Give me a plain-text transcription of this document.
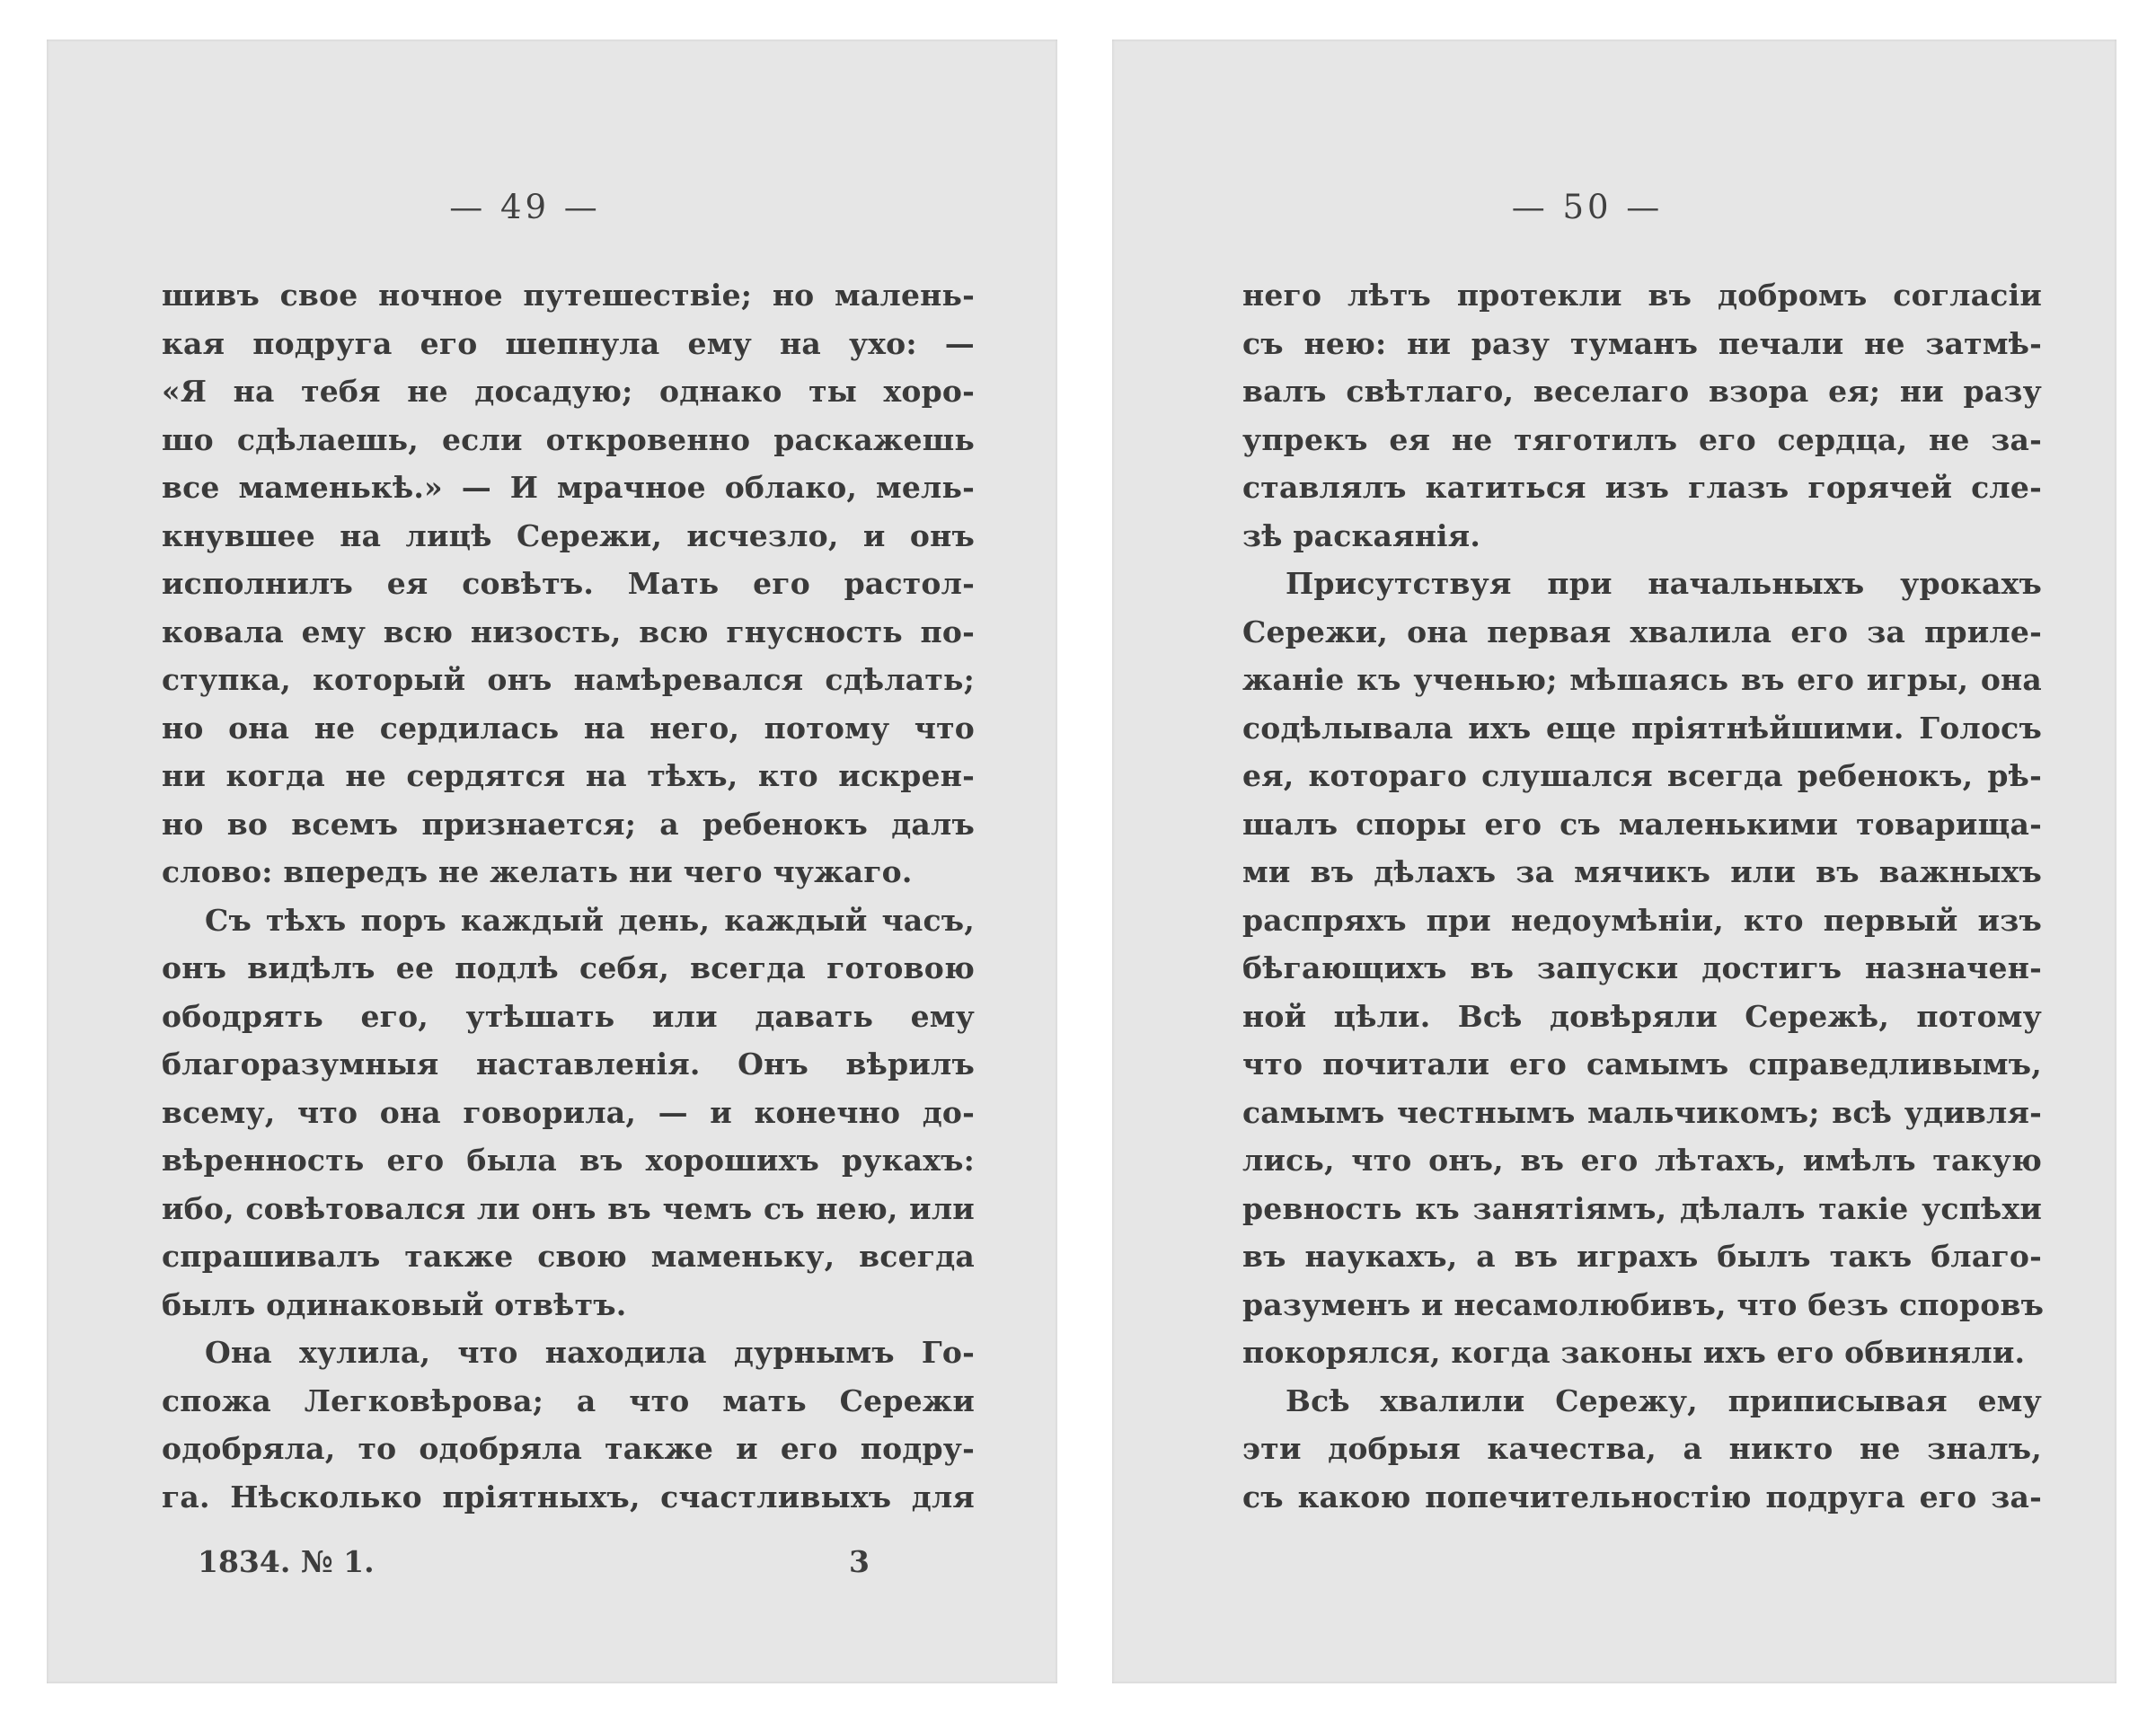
— 49 —
шивъ свое ночное путешествіе; но малень-
кая подруга его шепнула ему на ухо: —
«Я на тебя не досадую; однако ты хоро-
шо сдѣлаешь, если откровенно раскажешь
все маменькѣ.» — И мрачное облако, мель-
кнувшее на лицѣ Сережи, исчезло, и онъ
исполнилъ ея совѣтъ. Мать его растол-
ковала ему всю низость, всю гнусность по-
ступка, который онъ намѣревался сдѣлать;
но она не сердилась на него, потому что
ни когда не сердятся на тѣхъ, кто искрен-
но во всемъ признается; а ребенокъ далъ
слово: впередъ не желать ни чего чужаго.
Съ тѣхъ поръ каждый день, каждый часъ,
онъ видѣлъ ее подлѣ себя, всегда готовою
ободрять его, утѣшать или давать ему
благоразумныя наставленія. Онъ вѣрилъ
всему, что она говорила, — и конечно до-
вѣренность его была въ хорошихъ рукахъ:
ибо, совѣтовался ли онъ въ чемъ съ нею, или
спрашивалъ также свою маменьку, всегда
былъ одинаковый отвѣтъ.
Она хулила, что находила дурнымъ Го-
спожа Легковѣрова; а что мать Сережи
одобряла, то одобряла также и его подру-
га. Нѣсколько пріятныхъ, счастливыхъ для
1834. № 1.	3
— 50 —
него лѣтъ протекли въ добромъ согласіи
съ нею: ни разу туманъ печали не затмѣ-
валъ свѣтлаго, веселаго взора ея; ни разу
упрекъ ея не тяготилъ его сердца, не за-
ставлялъ катиться изъ глазъ горячей сле-
зѣ раскаянія.
Присутствуя при начальныхъ урокахъ
Сережи, она первая хвалила его за приле-
жаніе къ ученью; мѣшаясь въ его игры, она
содѣлывала ихъ еще пріятнѣйшими. Голосъ
ея, котораго слушался всегда ребенокъ, рѣ-
шалъ споры его съ маленькими товарища-
ми въ дѣлахъ за мячикъ или въ важныхъ
распряхъ при недоумѣніи, кто первый изъ
бѣгающихъ въ запуски достигъ назначен-
ной цѣли. Всѣ довѣряли Сережѣ, потому
что почитали его самымъ справедливымъ,
самымъ честнымъ мальчикомъ; всѣ удивля-
лись, что онъ, въ его лѣтахъ, имѣлъ такую
ревность къ занятіямъ, дѣлалъ такіе успѣхи
въ наукахъ, а въ играхъ былъ такъ благо-
разуменъ и несамолюбивъ, что безъ споровъ
покорялся, когда законы ихъ его обвиняли.
Всѣ хвалили Сережу, приписывая ему
эти добрыя качества, а никто не зналъ,
съ какою попечительностію подруга его за-
